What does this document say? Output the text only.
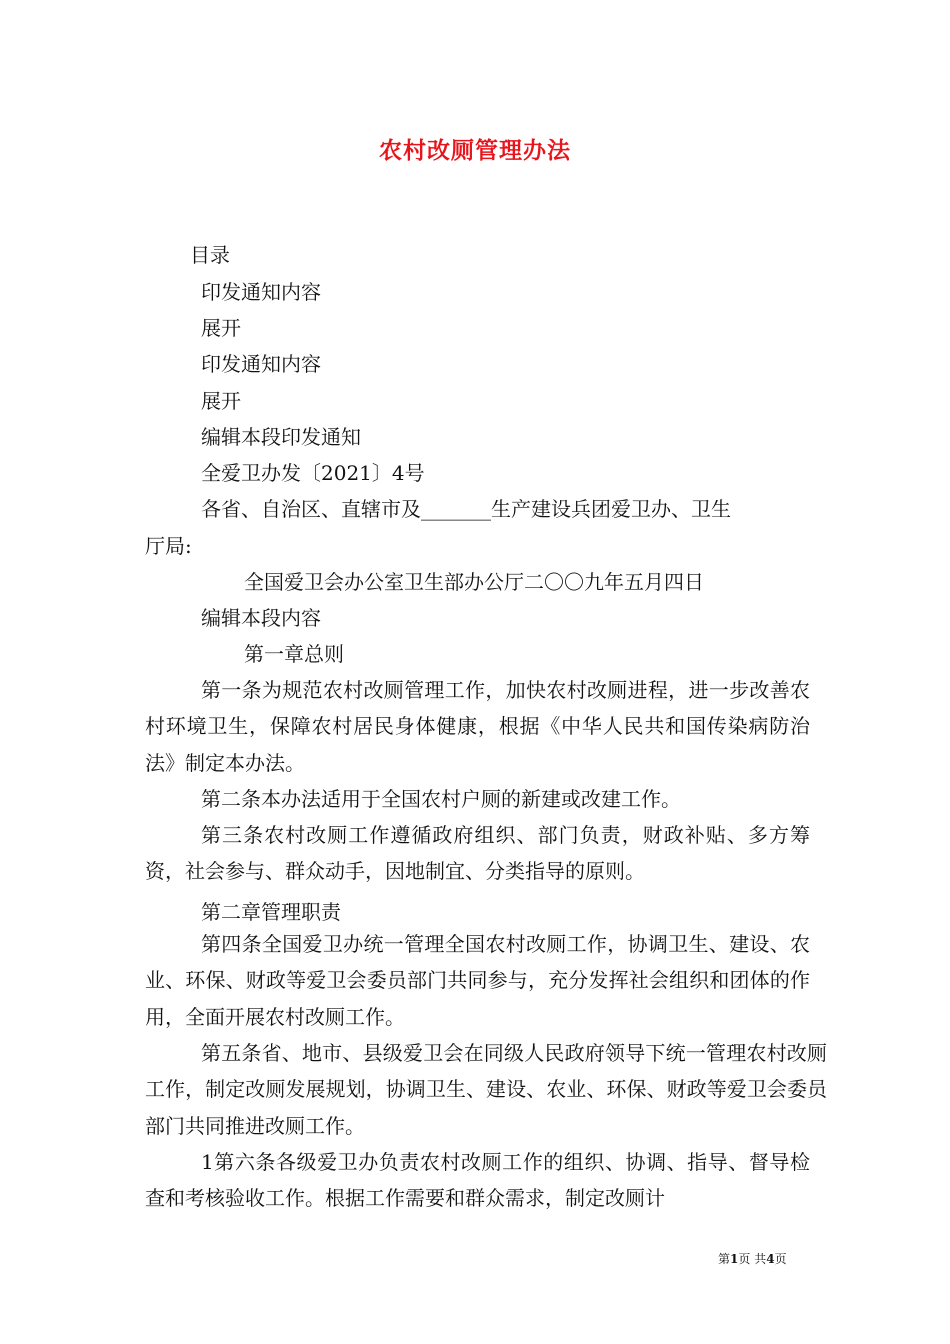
农村改厕管理办法
目录
印发通知内容
展开
印发通知内容
展开
编辑本段印发通知
全爱卫办发〔2021〕4号
各省、自治区、直辖市及_______生产建设兵团爱卫办、卫生
厅局:
全国爱卫会办公室卫生部办公厅二〇〇九年五月四日
编辑本段内容
第一章总则
第一条为规范农村改厕管理工作，加快农村改厕进程，进一步改善农村环境卫生，保障农村居民身体健康，根据《中华人民共和国传染病防治法》制定本办法。
第二条本办法适用于全国农村户厕的新建或改建工作。
第三条农村改厕工作遵循政府组织、部门负责，财政补贴、多方筹资，社会参与、群众动手，因地制宜、分类指导的原则。
第二章管理职责
第四条全国爱卫办统一管理全国农村改厕工作，协调卫生、建设、农业、环保、财政等爱卫会委员部门共同参与，充分发挥社会组织和团体的作用，全面开展农村改厕工作。
第五条省、地市、县级爱卫会在同级人民政府领导下统一管理农村改厕工作，制定改厕发展规划，协调卫生、建设、农业、环保、财政等爱卫会委员部门共同推进改厕工作。
1第六条各级爱卫办负责农村改厕工作的组织、协调、指导、督导检查和考核验收工作。根据工作需要和群众需求，制定改厕计
第1页 共4页
